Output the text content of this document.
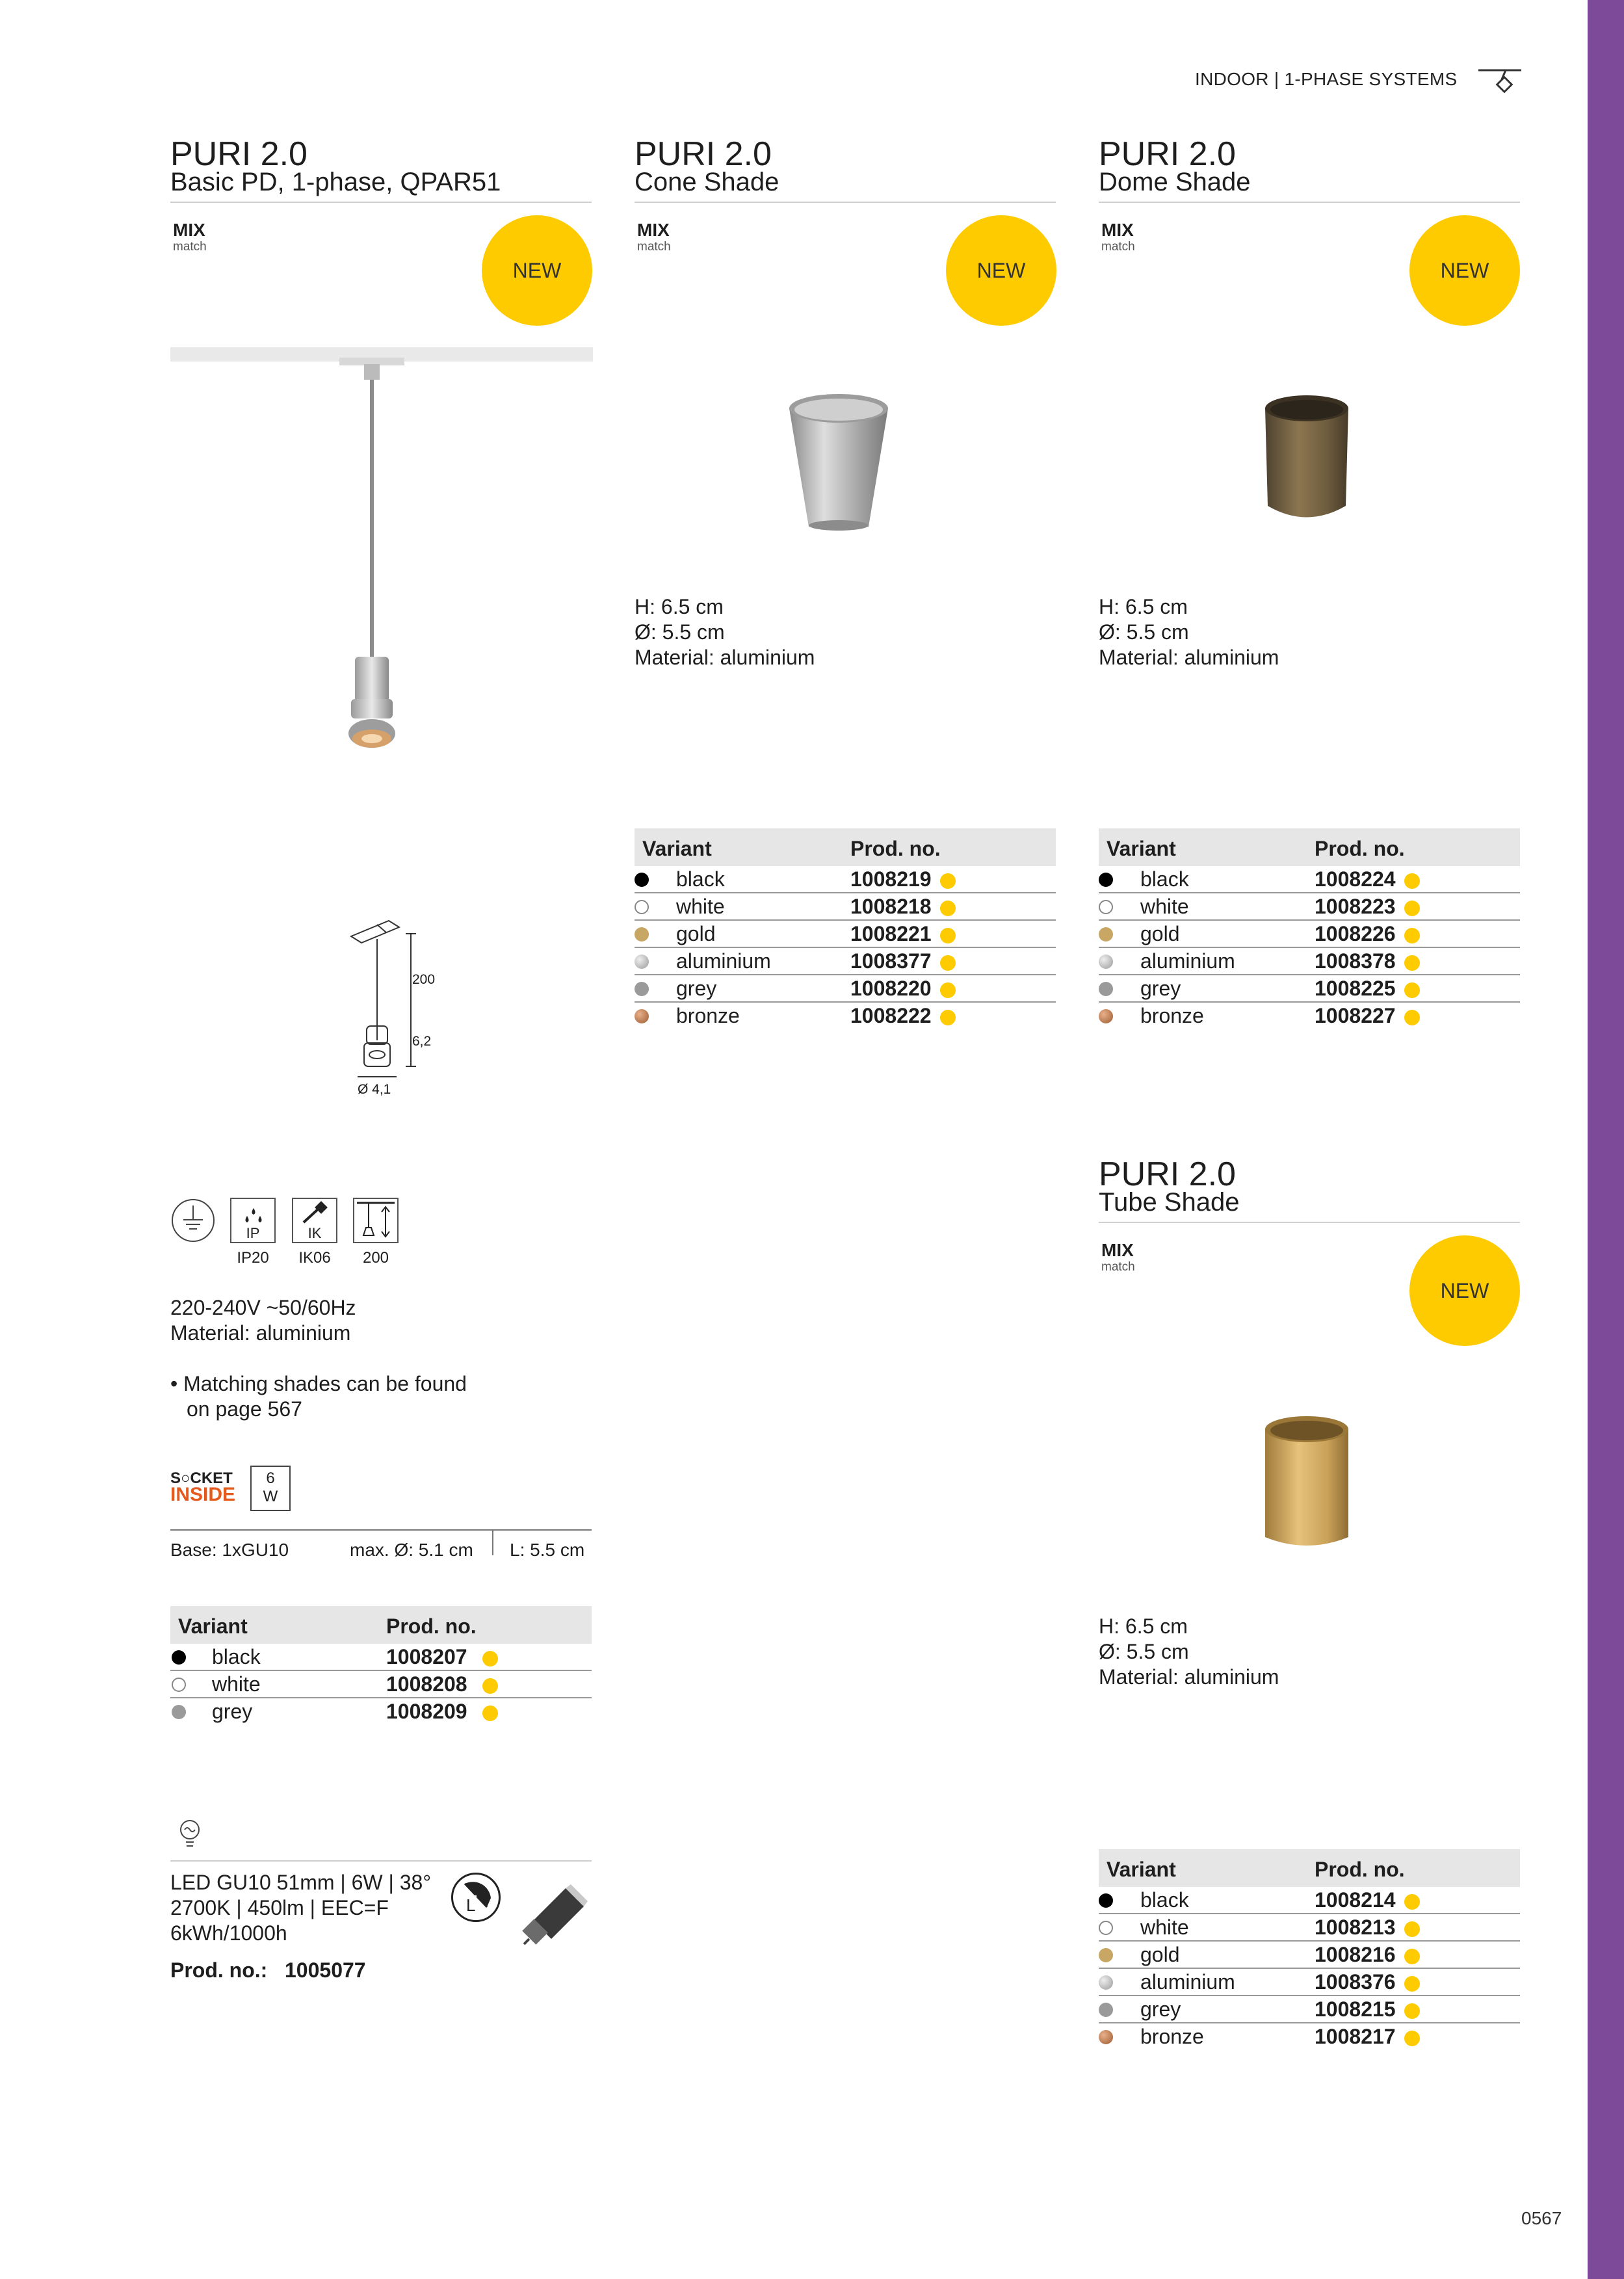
INDOOR | 1-PHASE SYSTEMS
0567
PURI 2.0
Basic PD, 1-phase, QPAR51
MIX
match
NEW
200
6,2
Ø 4,1
IP
IP20
IK
IK06	200
220-240V ~50/60Hz
Material: aluminium
• Matching shades can be found
on page 567
S○CKET
INSIDE
6
W
Base: 1xGU10	max. Ø: 5.1 cm L: 5.5 cm
Variant	Prod. no.
black	1008207
white	1008208
grey	1008209
LED GU10 51mm | 6W | 38°
2700K | 450lm | EEC=F
6kWh/1000h
Prod. no.: 1005077
L
PURI 2.0
Cone Shade
MIX
match
NEW
H: 6.5 cm
Ø: 5.5 cm
Material: aluminium
Variant	Prod. no.
black	1008219
white	1008218
gold	1008221
aluminium	1008377
grey	1008220
bronze	1008222
PURI 2.0
Dome Shade
MIX
match
NEW
H: 6.5 cm
Ø: 5.5 cm
Material: aluminium
Variant	Prod. no.
black	1008224
white	1008223
gold	1008226
aluminium	1008378
grey	1008225
bronze	1008227
PURI 2.0
Tube Shade
MIX
match
NEW
H: 6.5 cm
Ø: 5.5 cm
Material: aluminium
Variant	Prod. no.
black	1008214
white	1008213
gold	1008216
aluminium	1008376
grey	1008215
bronze	1008217
